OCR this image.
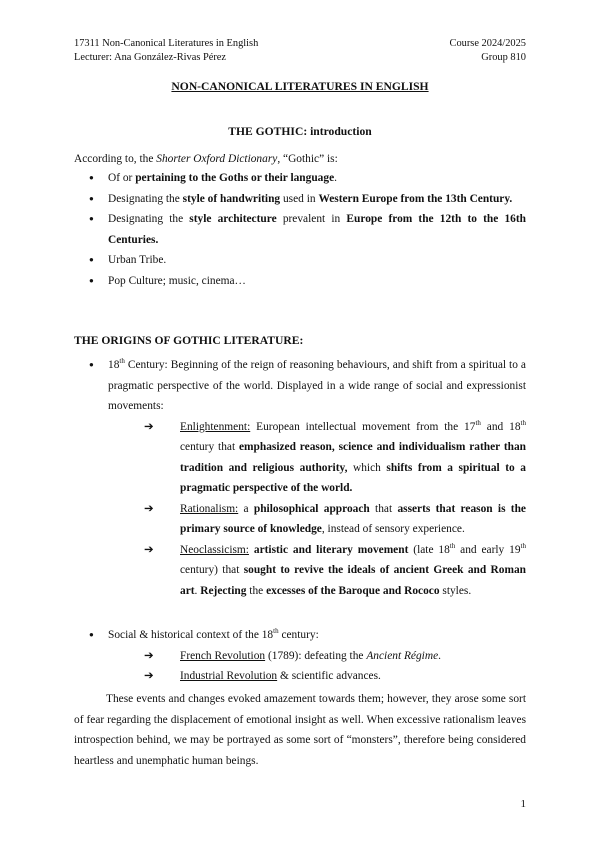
17311 Non-Canonical Literatures in English	Course 2024/2025
Lecturer: Ana González-Rivas Pérez	Group 810
NON-CANONICAL LITERATURES IN ENGLISH
THE GOTHIC: introduction
According to, the Shorter Oxford Dictionary, “Gothic” is:
● Of or pertaining to the Goths or their language.
● Designating the style of handwriting used in Western Europe from the 13th Century.
● Designating the style architecture prevalent in Europe from the 12th to the 16th Centuries.
● Urban Tribe.
● Pop Culture; music, cinema…
THE ORIGINS OF GOTHIC LITERATURE:
● 18th Century: Beginning of the reign of reasoning behaviours, and shift from a spiritual to a pragmatic perspective of the world. Displayed in a wide range of social and expressionist movements:
➔ Enlightenment: European intellectual movement from the 17th and 18th century that emphasized reason, science and individualism rather than tradition and religious authority, which shifts from a spiritual to a pragmatic perspective of the world.
➔ Rationalism: a philosophical approach that asserts that reason is the primary source of knowledge, instead of sensory experience.
➔ Neoclassicism: artistic and literary movement (late 18th and early 19th century) that sought to revive the ideals of ancient Greek and Roman art. Rejecting the excesses of the Baroque and Rococo styles.
● Social & historical context of the 18th century:
➔ French Revolution (1789): defeating the Ancient Régime.
➔ Industrial Revolution & scientific advances.

These events and changes evoked amazement towards them; however, they arose some sort of fear regarding the displacement of emotional insight as well. When excessive rationalism leaves introspection behind, we may be portrayed as some sort of “monsters”, therefore being considered heartless and unemphatic human beings.

1
